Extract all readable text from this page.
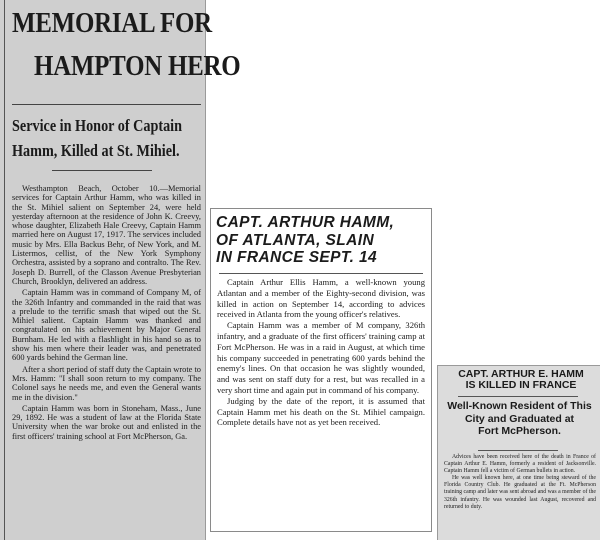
MEMORIAL FOR
HAMPTON HERO
Service in Honor of Captain
Hamm, Killed at St. Mihiel.

Westhampton Beach, October 10.—Memorial services for Captain Arthur Hamm, who was killed in the St. Mihiel salient on September 24, were held yesterday afternoon at the residence of John K. Creevy, whose daughter, Elizabeth Hale Creevy, Captain Hamm married here on August 17, 1917. The services included music by Mrs. Ella Backus Behr, of New York, and M. Listermos, cellist, of the New York Symphony Orchestra, assisted by a soprano and contralto. The Rev. Joseph D. Burrell, of the Classon Avenue Presbyterian Church, Brooklyn, delivered an address.

Captain Hamm was in command of Company M, of the 326th Infantry and commanded in the raid that was a prelude to the terrific smash that wiped out the St. Mihiel salient. Captain Hamm was thanked and congratulated on his achievement by Major General Burnham. He led with a flashlight in his hand so as to show his men where their leader was, and penetrated 600 yards behind the German line.

After a short period of staff duty the Captain wrote to Mrs. Hamm: "I shall soon return to my company. The Colonel says he needs me, and even the General wants me in the division."

Captain Hamm was born in Stoneham, Mass., June 29, 1892. He was a student of law at the Florida State University when the war broke out and enlisted in the first officers' training school at Fort McPherson, Ga.

CAPT. ARTHUR HAMM,
OF ATLANTA, SLAIN
IN FRANCE SEPT. 14

Captain Arthur Ellis Hamm, a well-known young Atlantan and a member of the Eighty-second division, was killed in action on September 14, according to advices received in Atlanta from the young officer's relatives.

Captain Hamm was a member of M company, 326th infantry, and a graduate of the first officers' training camp at Fort McPherson. He was in a raid in August, at which time his company succeeded in penetrating 600 yards behind the enemy's lines. On that occasion he was slightly wounded, and was sent on staff duty for a rest, but was recalled in a very short time and again put in command of his company.

Judging by the date of the report, it is assumed that Captain Hamm met his death on the St. Mihiel campaign. Complete details have not as yet been received.

CAPT. ARTHUR E. HAMM
IS KILLED IN FRANCE
Well-Known Resident of This
City and Graduated at
Fort McPherson.

Advices have been received here of the death in France of Captain Arthur E. Hamm, formerly a resident of Jacksonville. Captain Hamm fell a victim of German bullets in action.

He was well known here, at one time being steward of the Florida Country Club. He graduated at the Ft. McPherson training camp and later was sent abroad and was a member of the 326th infantry. He was wounded last August, recovered and returned to duty.
